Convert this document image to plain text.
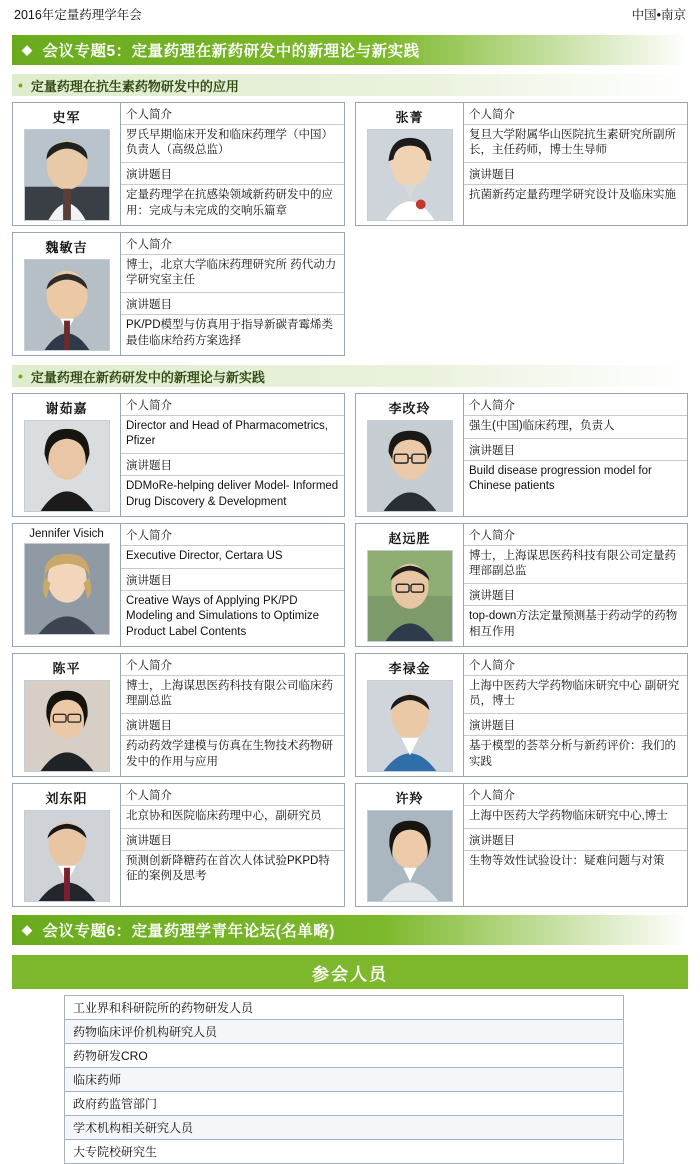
2016年定量药理学年会	中国•南京
◆ 会议专题5：定量药理在新药研发中的新理论与新实践
• 定量药理在抗生素药物研发中的应用
史军	个人简介
罗氏早期临床开发和临床药理学（中国）负责人（高级总监）
演讲题目
定量药理学在抗感染领域新药研发中的应用：完成与未完成的交响乐篇章
张菁	个人简介
复旦大学附属华山医院抗生素研究所副所长，主任药师，博士生导师
演讲题目
抗菌新药定量药理学研究设计及临床实施
魏敏吉	个人简介
博士，北京大学临床药理研究所 药代动力学研究室主任
演讲题目
PK/PD模型与仿真用于指导新碳青霉烯类最佳临床给药方案选择
• 定量药理在新药研发中的新理论与新实践
谢茹嘉	个人简介
Director and Head of Pharmacometrics, Pfizer
演讲题目
DDMoRe-helping deliver Model- Informed Drug Discovery & Development
李改玲	个人简介
强生(中国)临床药理，负责人
演讲题目
Build disease progression model for Chinese patients
Jennifer Visich	个人简介
Executive Director, Certara US
演讲题目
Creative Ways of Applying PK/PD Modeling and Simulations to Optimize Product Label Contents
赵远胜	个人简介
博士，上海谋思医药科技有限公司定量药理部副总监
演讲题目
top-down方法定量预测基于药动学的药物相互作用
陈平	个人简介
博士，上海谋思医药科技有限公司临床药理副总监
演讲题目
药动药效学建模与仿真在生物技术药物研发中的作用与应用
李禄金	个人简介
上海中医药大学药物临床研究中心 副研究员，博士
演讲题目
基于模型的荟萃分析与新药评价：我们的实践
刘东阳	个人简介
北京协和医院临床药理中心，副研究员
演讲题目
预测创新降糖药在首次人体试验PKPD特征的案例及思考
许羚	个人简介
上海中医药大学药物临床研究中心,博士
演讲题目
生物等效性试验设计：疑难问题与对策
◆ 会议专题6：定量药理学青年论坛(名单略)
参会人员
工业界和科研院所的药物研发人员
药物临床评价机构研究人员
药物研发CRO
临床药师
政府药监管部门
学术机构相关研究人员
大专院校研究生
